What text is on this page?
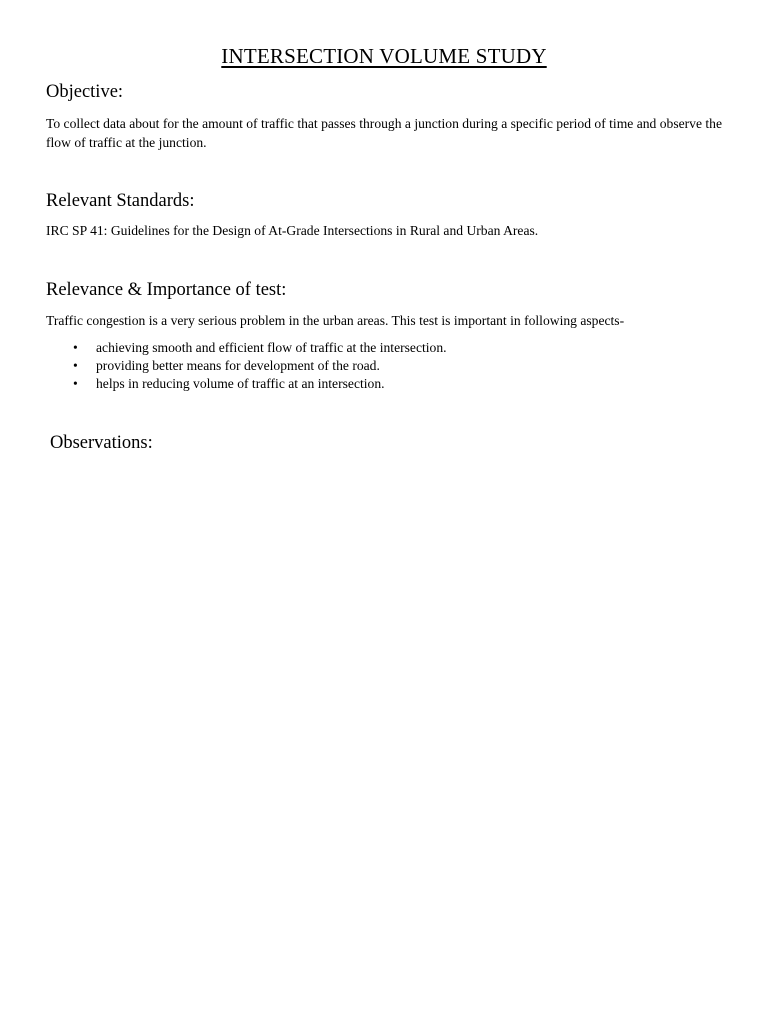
INTERSECTION VOLUME STUDY
Objective:

To collect data about for the amount of traffic that passes through a junction during a specific period of time and observe the flow of traffic at the junction.

Relevant Standards:

IRC SP 41: Guidelines for the Design of At-Grade Intersections in Rural and Urban Areas.

Relevance & Importance of test:

Traffic congestion is a very serious problem in the urban areas. This test is important in following aspects-

• achieving smooth and efficient flow of traffic at the intersection.
• providing better means for development of the road.
• helps in reducing volume of traffic at an intersection.
Observations:
